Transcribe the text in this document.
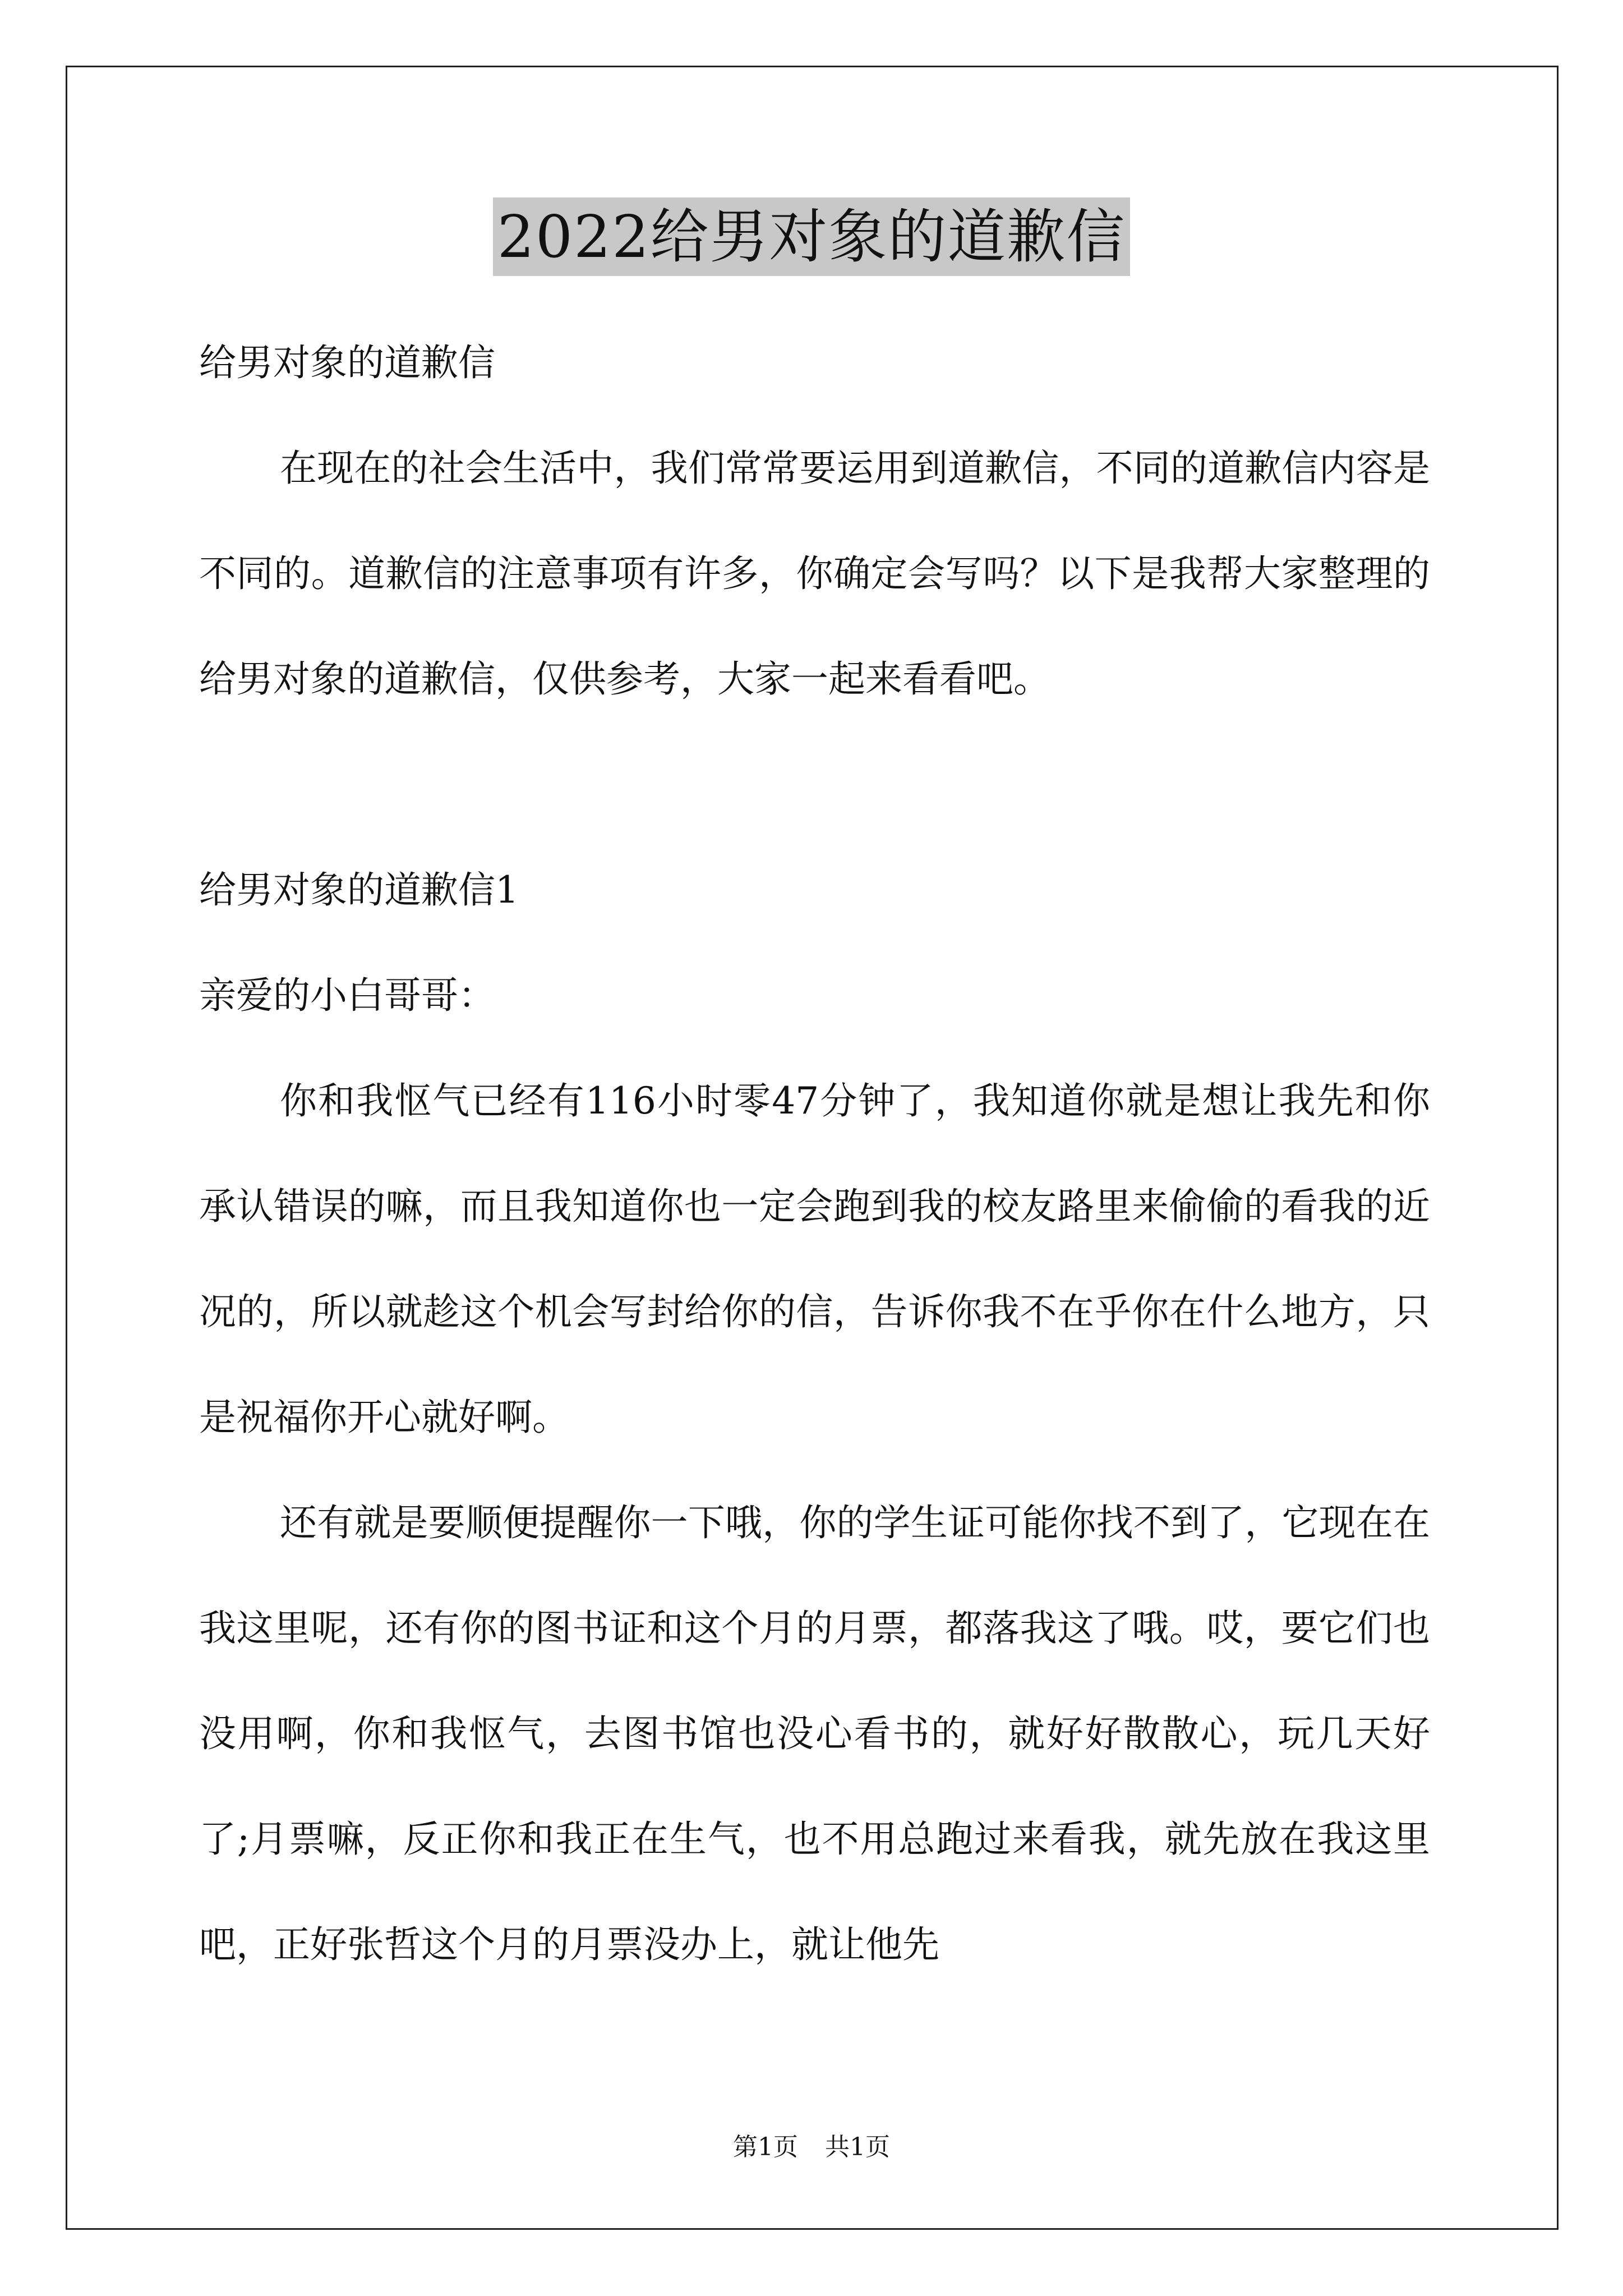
2022给男对象的道歉信

给男对象的道歉信

在现在的社会生活中，我们常常要运用到道歉信，不同的道歉信内容是不同的。道歉信的注意事项有许多，你确定会写吗？以下是我帮大家整理的给男对象的道歉信，仅供参考，大家一起来看看吧。

给男对象的道歉信1

亲爱的小白哥哥：

你和我怄气已经有116小时零47分钟了，我知道你就是想让我先和你承认错误的嘛，而且我知道你也一定会跑到我的校友路里来偷偷的看我的近况的，所以就趁这个机会写封给你的信，告诉你我不在乎你在什么地方，只是祝福你开心就好啊。

还有就是要顺便提醒你一下哦，你的学生证可能你找不到了，它现在在我这里呢，还有你的图书证和这个月的月票，都落我这了哦。哎，要它们也没用啊，你和我怄气，去图书馆也没心看书的，就好好散散心，玩几天好了;月票嘛，反正你和我正在生气，也不用总跑过来看我，就先放在我这里吧，正好张哲这个月的月票没办上，就让他先

第1页 共1页
